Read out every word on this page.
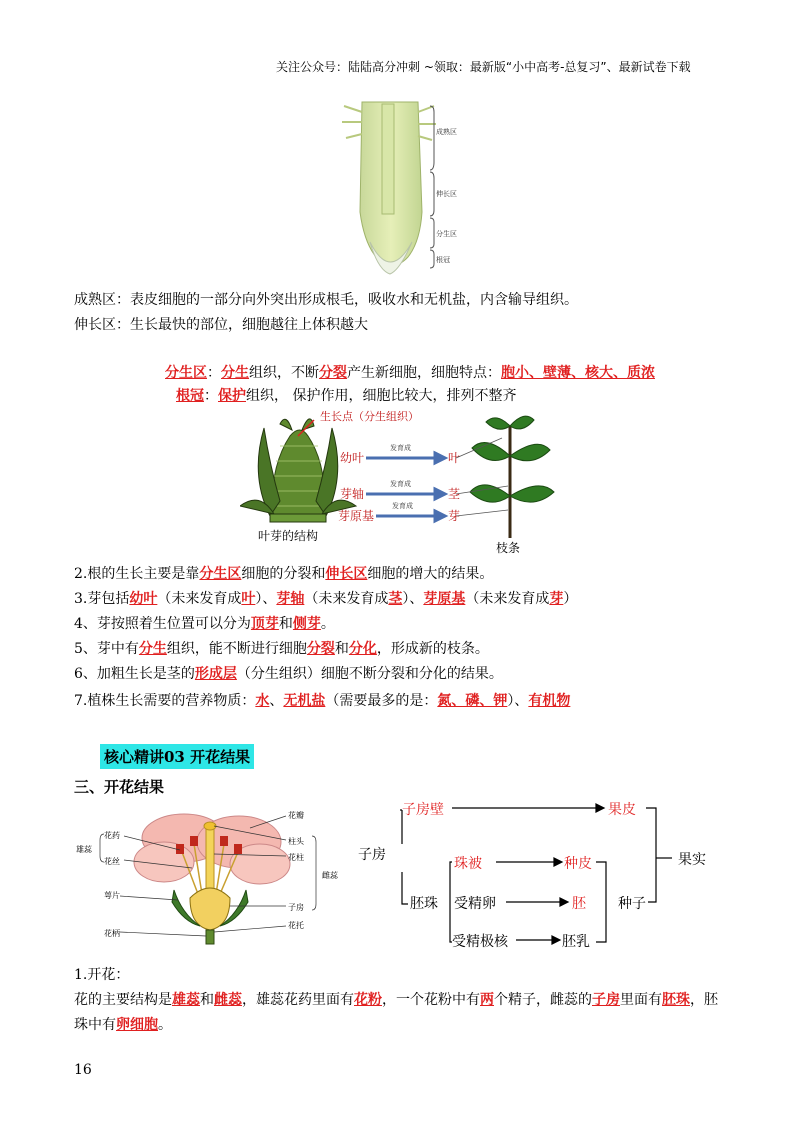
关注公众号：陆陆高分冲刺 ~领取：最新版“小中高考-总复习”、最新试卷下载
成熟区
伸长区
分生区
根冠
成熟区：表皮细胞的一部分向外突出形成根毛，吸收水和无机盐，内含输导组织。
伸长区：生长最快的部位，细胞越往上体积越大
分生区：分生组织，不断分裂产生新细胞，细胞特点：胞小、壁薄、核大、质浓
根冠：保护组织， 保护作用，细胞比较大，排列不整齐
生长点（分生组织）
幼叶
芽轴
芽原基
发育成
发育成
发育成
叶
茎
芽
叶芽的结构
枝条
2.根的生长主要是靠分生区细胞的分裂和伸长区细胞的增大的结果。
3.芽包括幼叶（未来发育成叶）、芽轴（未来发育成茎）、芽原基（未来发育成芽）
4、芽按照着生位置可以分为顶芽和侧芽。
5、芽中有分生组织，能不断进行细胞分裂和分化，形成新的枝条。
6、加粗生长是茎的形成层（分生组织）细胞不断分裂和分化的结果。
7.植株生长需要的营养物质：水、无机盐（需要最多的是：氮、磷、钾）、有机物
核心精讲03 开花结果
三、开花结果
花药
花丝
雄蕊
萼片
花柄
花瓣
柱头
花柱
子房
花托
雌蕊
子房
子房壁	果皮
胚珠
珠被	种皮
受精卵	胚
受精极核	胚乳
种子
果实
1.开花：
花的主要结构是雄蕊和雌蕊，雄蕊花药里面有花粉，一个花粉中有两个精子，雌蕊的子房里面有胚珠，胚
珠中有卵细胞。
16
